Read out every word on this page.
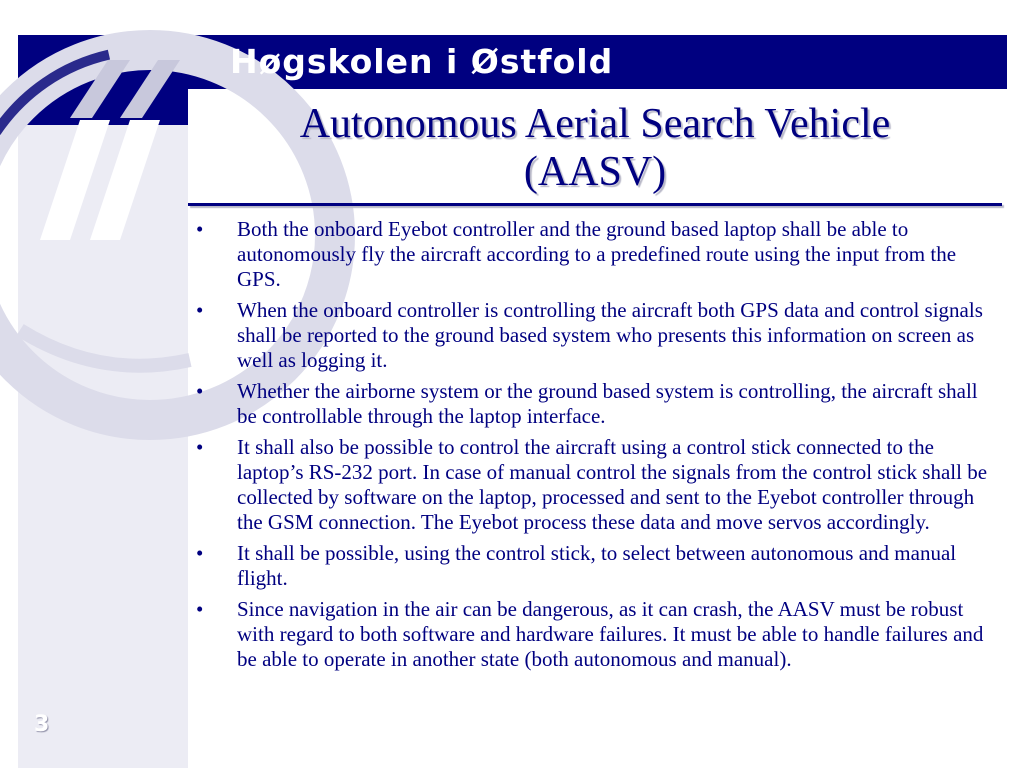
Høgskolen i Østfold
Autonomous Aerial Search Vehicle
(AASV)
• Both the onboard Eyebot controller and the ground based laptop shall be able to autonomously fly the aircraft according to a predefined route using the input from the GPS.
• When the onboard controller is controlling the aircraft both GPS data and control signals shall be reported to the ground based system who presents this information on screen as well as logging it.
• Whether the airborne system or the ground based system is controlling, the aircraft shall be controllable through the laptop interface.
• It shall also be possible to control the aircraft using a control stick connected to the laptop’s RS-232 port. In case of manual control the signals from the control stick shall be collected by software on the laptop, processed and sent to the Eyebot controller through the GSM connection. The Eyebot process these data and move servos accordingly.
• It shall be possible, using the control stick, to select between autonomous and manual flight.
• Since navigation in the air can be dangerous, as it can crash, the AASV must be robust with regard to both software and hardware failures. It must be able to handle failures and be able to operate in another state (both autonomous and manual).
3
